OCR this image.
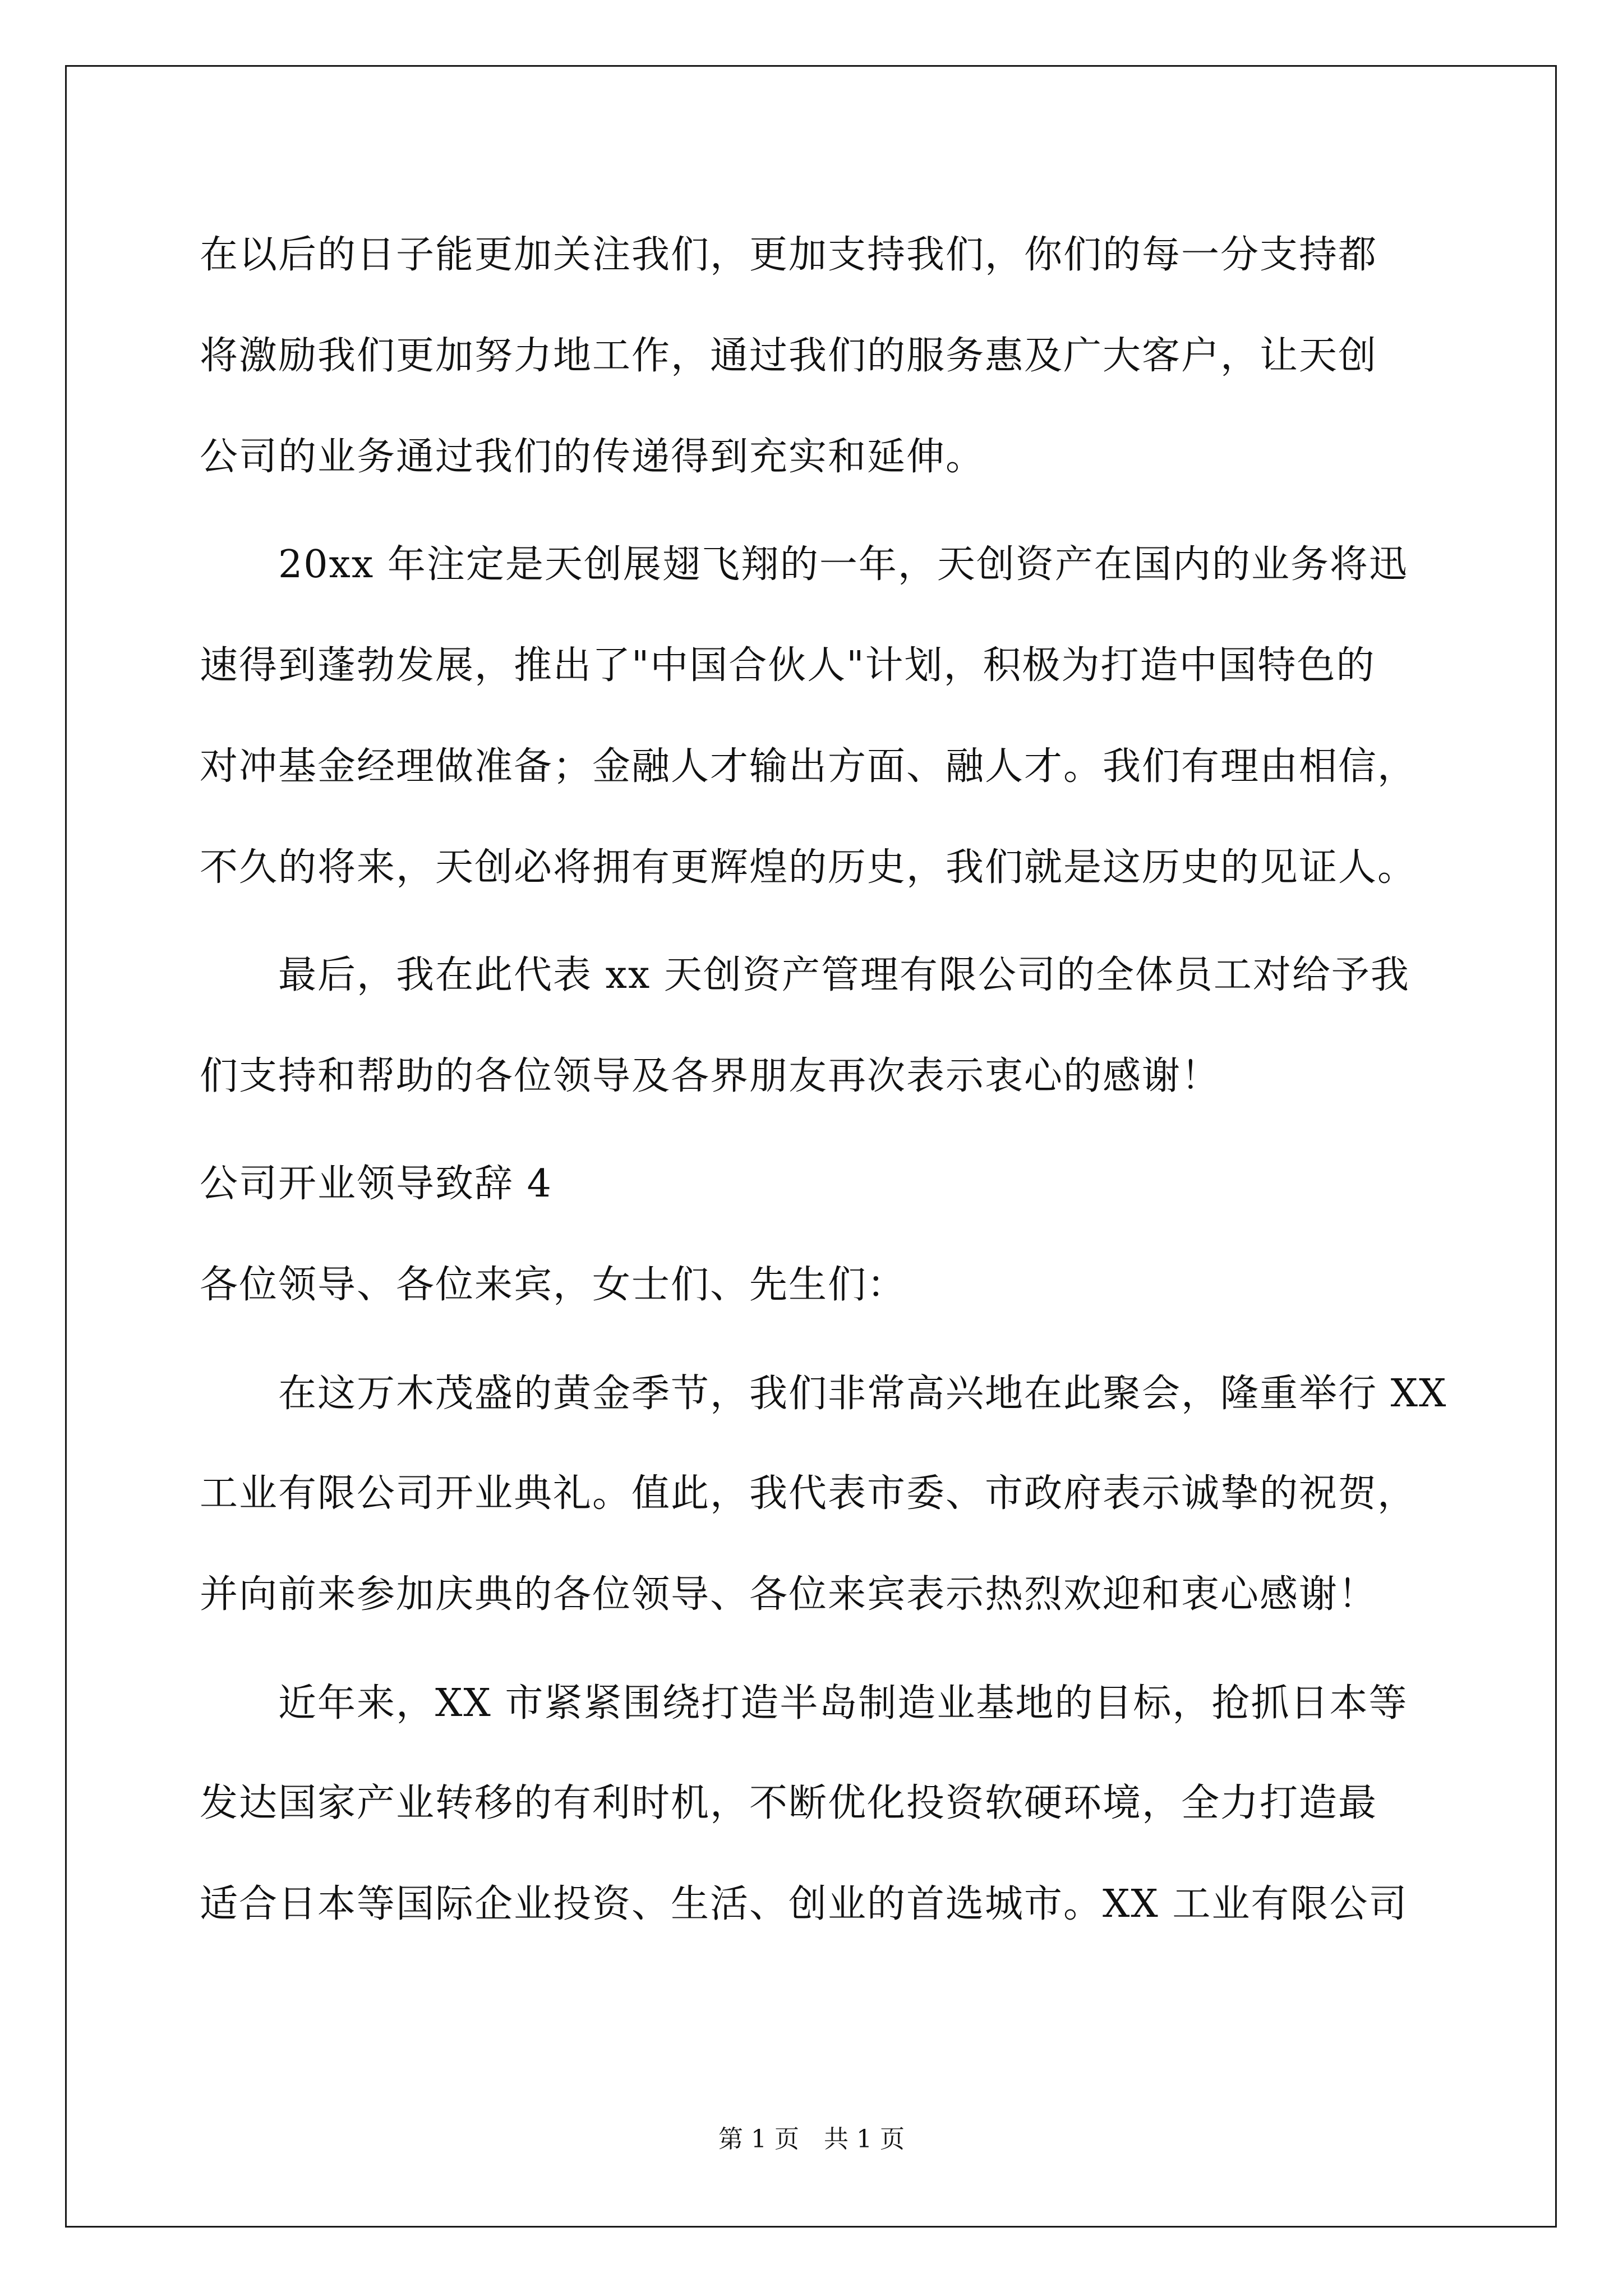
在以后的日子能更加关注我们，更加支持我们，你们的每一分支持都
将激励我们更加努力地工作，通过我们的服务惠及广大客户，让天创
公司的业务通过我们的传递得到充实和延伸。
　　20xx 年注定是天创展翅飞翔的一年，天创资产在国内的业务将迅
速得到蓬勃发展，推出了"中国合伙人"计划，积极为打造中国特色的
对冲基金经理做准备；金融人才输出方面、融人才。我们有理由相信，
不久的将来，天创必将拥有更辉煌的历史，我们就是这历史的见证人。
　　最后，我在此代表 xx 天创资产管理有限公司的全体员工对给予我
们支持和帮助的各位领导及各界朋友再次表示衷心的感谢！
公司开业领导致辞 4
各位领导、各位来宾，女士们、先生们：
　　在这万木茂盛的黄金季节，我们非常高兴地在此聚会，隆重举行 XX
工业有限公司开业典礼。值此，我代表市委、市政府表示诚挚的祝贺，
并向前来参加庆典的各位领导、各位来宾表示热烈欢迎和衷心感谢！
　　近年来，XX 市紧紧围绕打造半岛制造业基地的目标，抢抓日本等
发达国家产业转移的有利时机，不断优化投资软硬环境，全力打造最
适合日本等国际企业投资、生活、创业的首选城市。XX 工业有限公司
第 1 页　共 1 页
